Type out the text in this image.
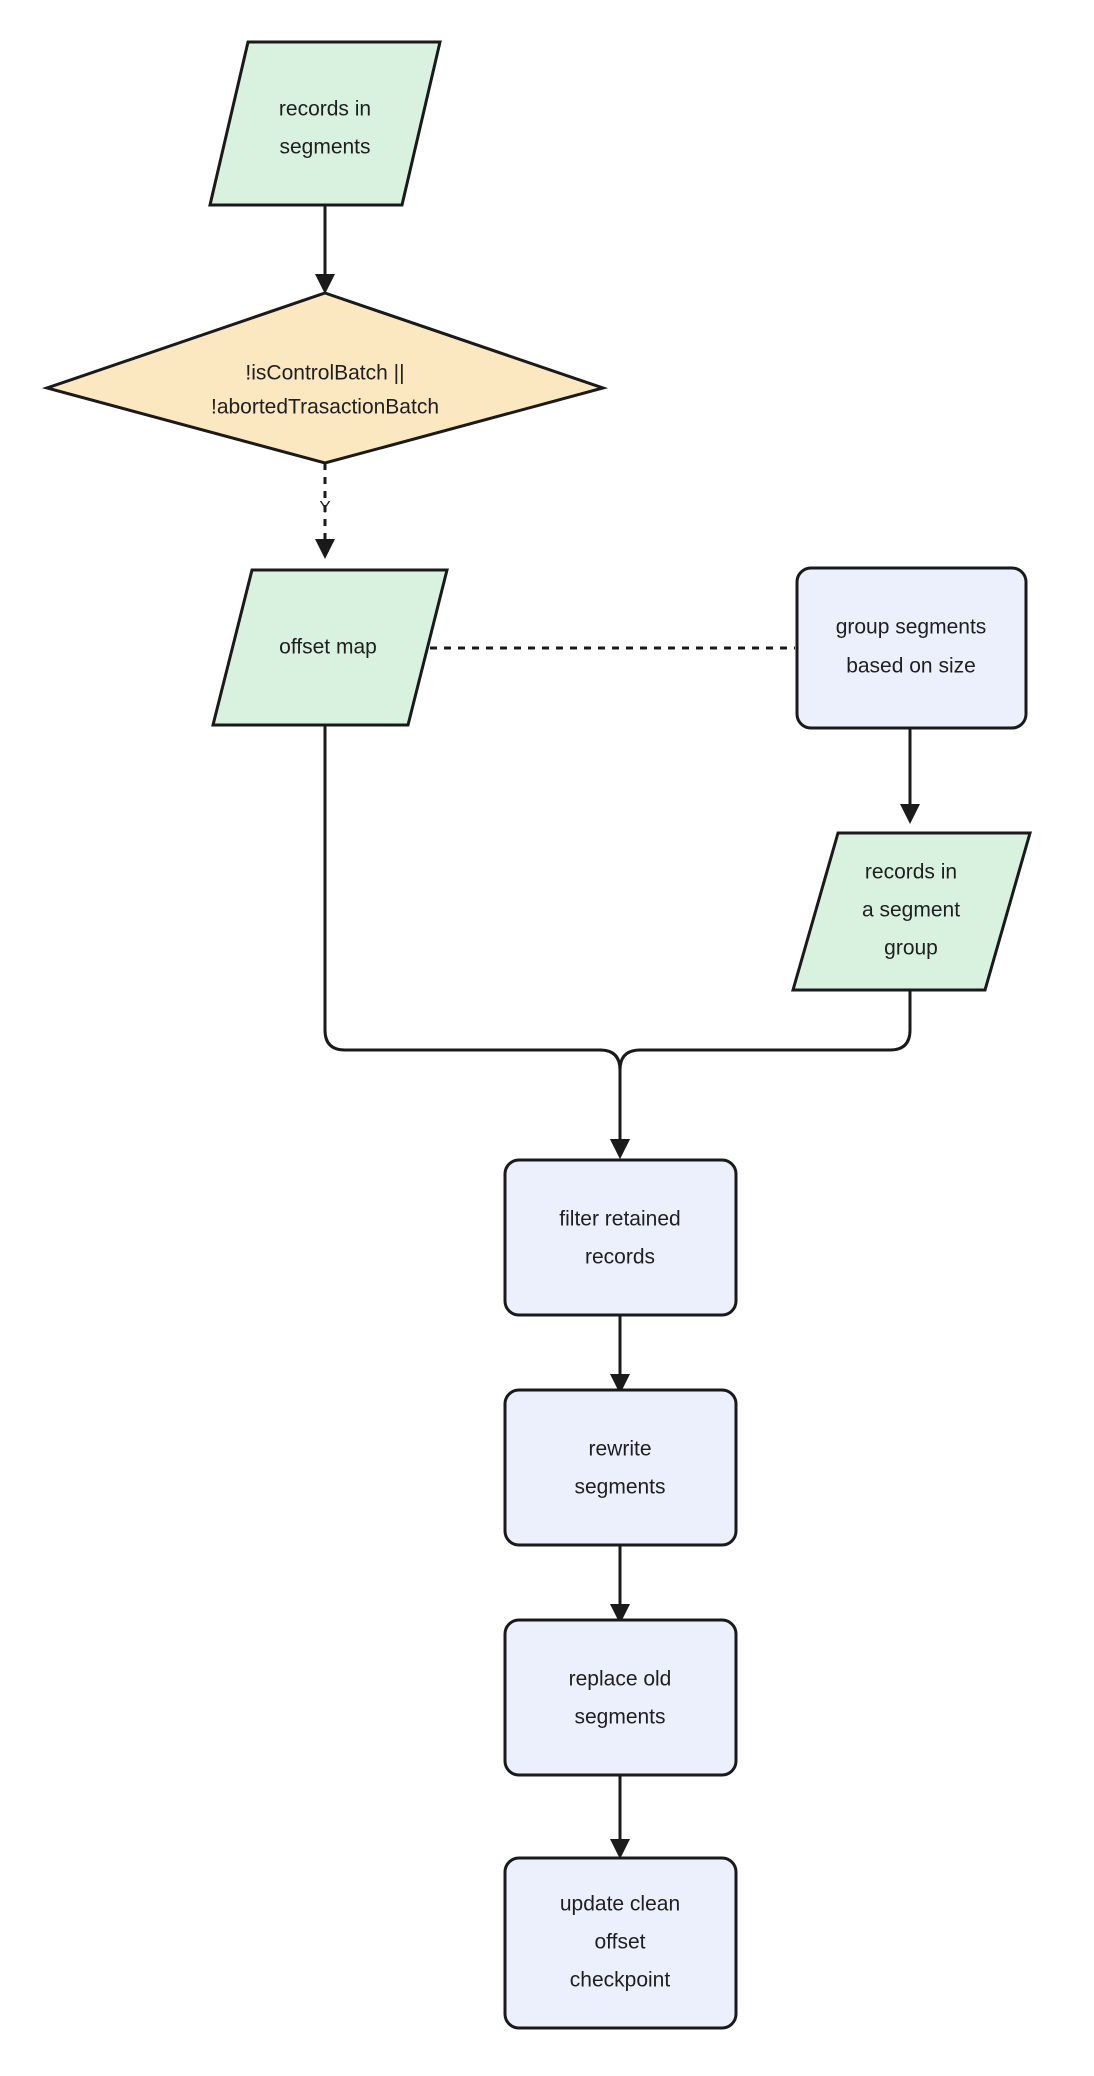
Y
records in
segments
!isControlBatch ||
!abortedTrasactionBatch
offset map
group segments
based on size
records in
a segment
group
filter retained
records
rewrite
segments
replace old
segments
update clean
offset
checkpoint
